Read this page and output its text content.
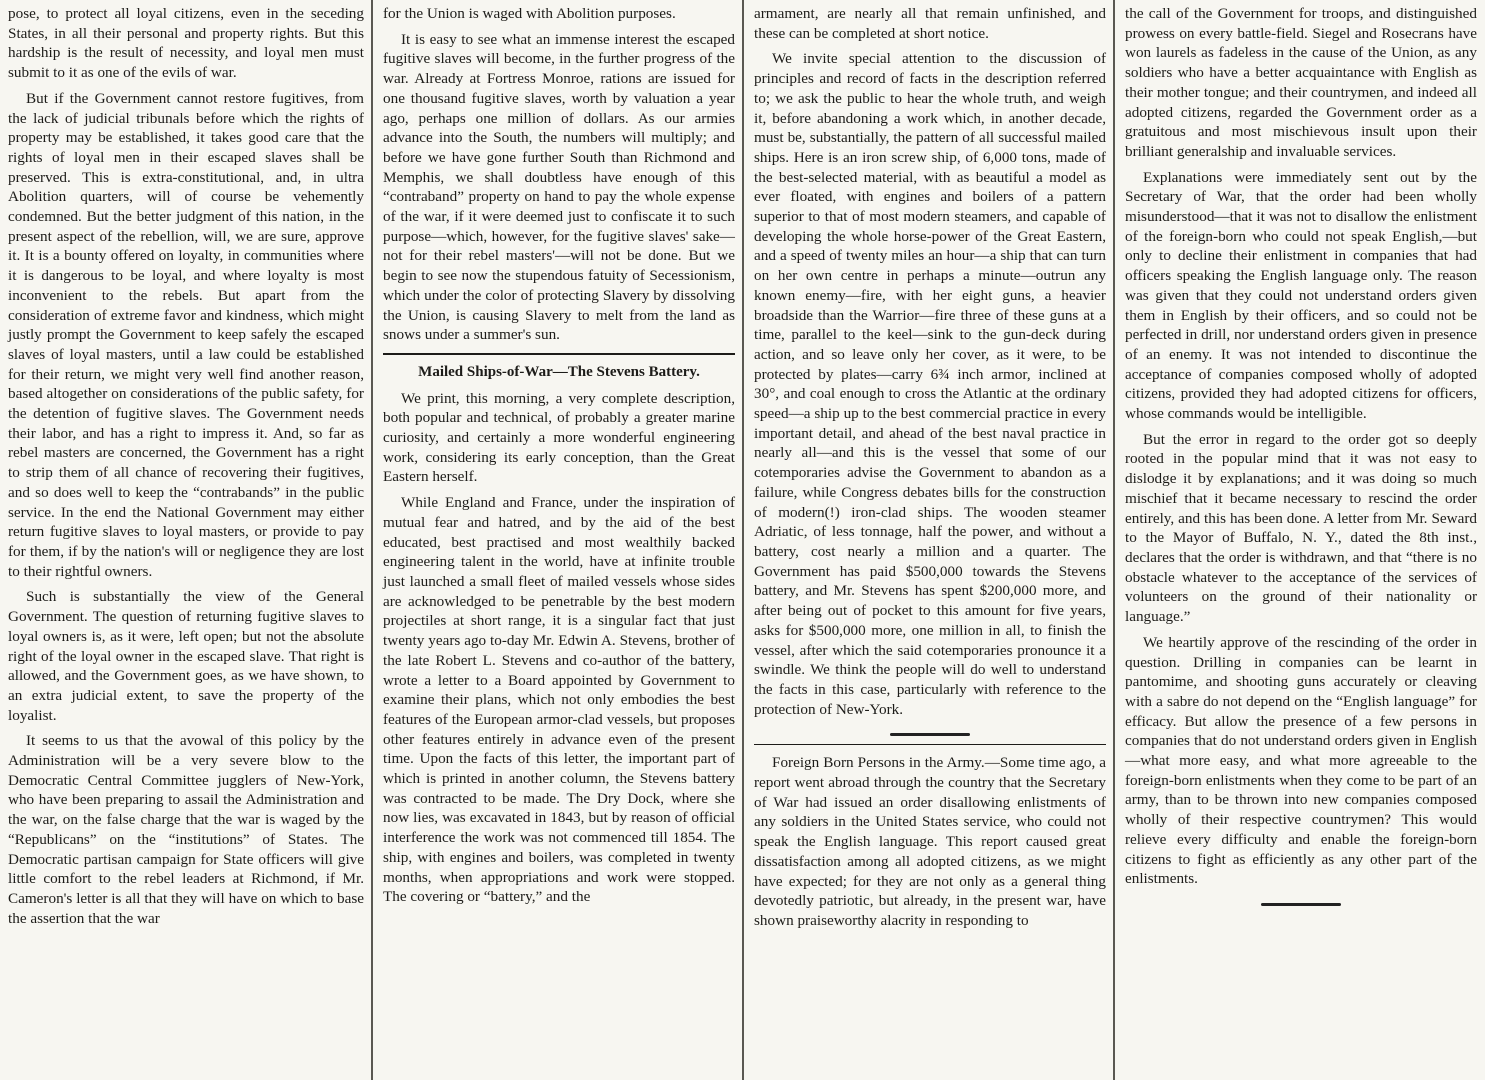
pose, to protect all loyal citizens, even in the seceding States, in all their personal and property rights. But this hardship is the result of necessity, and loyal men must submit to it as one of the evils of war.

But if the Government cannot restore fugitives, from the lack of judicial tribunals before which the rights of property may be established, it takes good care that the rights of loyal men in their escaped slaves shall be preserved. This is extra-constitutional, and, in ultra Abolition quarters, will of course be vehemently condemned. But the better judgment of this nation, in the present aspect of the rebellion, will, we are sure, approve it. It is a bounty offered on loyalty, in communities where it is dangerous to be loyal, and where loyalty is most inconvenient to the rebels. But apart from the consideration of extreme favor and kindness, which might justly prompt the Government to keep safely the escaped slaves of loyal masters, until a law could be established for their return, we might very well find another reason, based altogether on considerations of the public safety, for the detention of fugitive slaves. The Government needs their labor, and has a right to impress it. And, so far as rebel masters are concerned, the Government has a right to strip them of all chance of recovering their fugitives, and so does well to keep the “contrabands” in the public service. In the end the National Government may either return fugitive slaves to loyal masters, or provide to pay for them, if by the nation's will or negligence they are lost to their rightful owners.

Such is substantially the view of the General Government. The question of returning fugitive slaves to loyal owners is, as it were, left open; but not the absolute right of the loyal owner in the escaped slave. That right is allowed, and the Government goes, as we have shown, to an extra judicial extent, to save the property of the loyalist.

It seems to us that the avowal of this policy by the Administration will be a very severe blow to the Democratic Central Committee jugglers of New-York, who have been preparing to assail the Administration and the war, on the false charge that the war is waged by the “Republicans” on the “institutions” of States. The Democratic partisan campaign for State officers will give little comfort to the rebel leaders at Richmond, if Mr. Cameron's letter is all that they will have on which to base the assertion that the war

for the Union is waged with Abolition purposes.

It is easy to see what an immense interest the escaped fugitive slaves will become, in the further progress of the war. Already at Fortress Monroe, rations are issued for one thousand fugitive slaves, worth by valuation a year ago, perhaps one million of dollars. As our armies advance into the South, the numbers will multiply; and before we have gone further South than Richmond and Memphis, we shall doubtless have enough of this “contraband” property on hand to pay the whole expense of the war, if it were deemed just to confiscate it to such purpose—which, however, for the fugitive slaves' sake—not for their rebel masters'—will not be done. But we begin to see now the stupendous fatuity of Secessionism, which under the color of protecting Slavery by dissolving the Union, is causing Slavery to melt from the land as snows under a summer's sun.

Mailed Ships-of-War—The Stevens Battery.

We print, this morning, a very complete description, both popular and technical, of probably a greater marine curiosity, and certainly a more wonderful engineering work, considering its early conception, than the Great Eastern herself.

While England and France, under the inspiration of mutual fear and hatred, and by the aid of the best educated, best practised and most wealthily backed engineering talent in the world, have at infinite trouble just launched a small fleet of mailed vessels whose sides are acknowledged to be penetrable by the best modern projectiles at short range, it is a singular fact that just twenty years ago to-day Mr. Edwin A. Stevens, brother of the late Robert L. Stevens and co-author of the battery, wrote a letter to a Board appointed by Government to examine their plans, which not only embodies the best features of the European armor-clad vessels, but proposes other features entirely in advance even of the present time. Upon the facts of this letter, the important part of which is printed in another column, the Stevens battery was contracted to be made. The Dry Dock, where she now lies, was excavated in 1843, but by reason of official interference the work was not commenced till 1854. The ship, with engines and boilers, was completed in twenty months, when appropriations and work were stopped. The covering or “battery,” and the

armament, are nearly all that remain unfinished, and these can be completed at short notice.

We invite special attention to the discussion of principles and record of facts in the description referred to; we ask the public to hear the whole truth, and weigh it, before abandoning a work which, in another decade, must be, substantially, the pattern of all successful mailed ships. Here is an iron screw ship, of 6,000 tons, made of the best-selected material, with as beautiful a model as ever floated, with engines and boilers of a pattern superior to that of most modern steamers, and capable of developing the whole horse-power of the Great Eastern, and a speed of twenty miles an hour—a ship that can turn on her own centre in perhaps a minute—outrun any known enemy—fire, with her eight guns, a heavier broadside than the Warrior—fire three of these guns at a time, parallel to the keel—sink to the gun-deck during action, and so leave only her cover, as it were, to be protected by plates—carry 6¾ inch armor, inclined at 30°, and coal enough to cross the Atlantic at the ordinary speed—a ship up to the best commercial practice in every important detail, and ahead of the best naval practice in nearly all—and this is the vessel that some of our cotemporaries advise the Government to abandon as a failure, while Congress debates bills for the construction of modern(!) iron-clad ships. The wooden steamer Adriatic, of less tonnage, half the power, and without a battery, cost nearly a million and a quarter. The Government has paid $500,000 towards the Stevens battery, and Mr. Stevens has spent $200,000 more, and after being out of pocket to this amount for five years, asks for $500,000 more, one million in all, to finish the vessel, after which the said cotemporaries pronounce it a swindle. We think the people will do well to understand the facts in this case, particularly with reference to the protection of New-York.

Foreign Born Persons in the Army.—Some time ago, a report went abroad through the country that the Secretary of War had issued an order disallowing enlistments of any soldiers in the United States service, who could not speak the English language. This report caused great dissatisfaction among all adopted citizens, as we might have expected; for they are not only as a general thing devotedly patriotic, but already, in the present war, have shown praiseworthy alacrity in responding to

the call of the Government for troops, and distinguished prowess on every battle-field. Siegel and Rosecrans have won laurels as fadeless in the cause of the Union, as any soldiers who have a better acquaintance with English as their mother tongue; and their countrymen, and indeed all adopted citizens, regarded the Government order as a gratuitous and most mischievous insult upon their brilliant generalship and invaluable services.

Explanations were immediately sent out by the Secretary of War, that the order had been wholly misunderstood—that it was not to disallow the enlistment of the foreign-born who could not speak English,—but only to decline their enlistment in companies that had officers speaking the English language only. The reason was given that they could not understand orders given them in English by their officers, and so could not be perfected in drill, nor understand orders given in presence of an enemy. It was not intended to discontinue the acceptance of companies composed wholly of adopted citizens, provided they had adopted citizens for officers, whose commands would be intelligible.

But the error in regard to the order got so deeply rooted in the popular mind that it was not easy to dislodge it by explanations; and it was doing so much mischief that it became necessary to rescind the order entirely, and this has been done. A letter from Mr. Seward to the Mayor of Buffalo, N. Y., dated the 8th inst., declares that the order is withdrawn, and that “there is no obstacle whatever to the acceptance of the services of volunteers on the ground of their nationality or language.”

We heartily approve of the rescinding of the order in question. Drilling in companies can be learnt in pantomime, and shooting guns accurately or cleaving with a sabre do not depend on the “English language” for efficacy. But allow the presence of a few persons in companies that do not understand orders given in English—what more easy, and what more agreeable to the foreign-born enlistments when they come to be part of an army, than to be thrown into new companies composed wholly of their respective countrymen? This would relieve every difficulty and enable the foreign-born citizens to fight as efficiently as any other part of the enlistments.
